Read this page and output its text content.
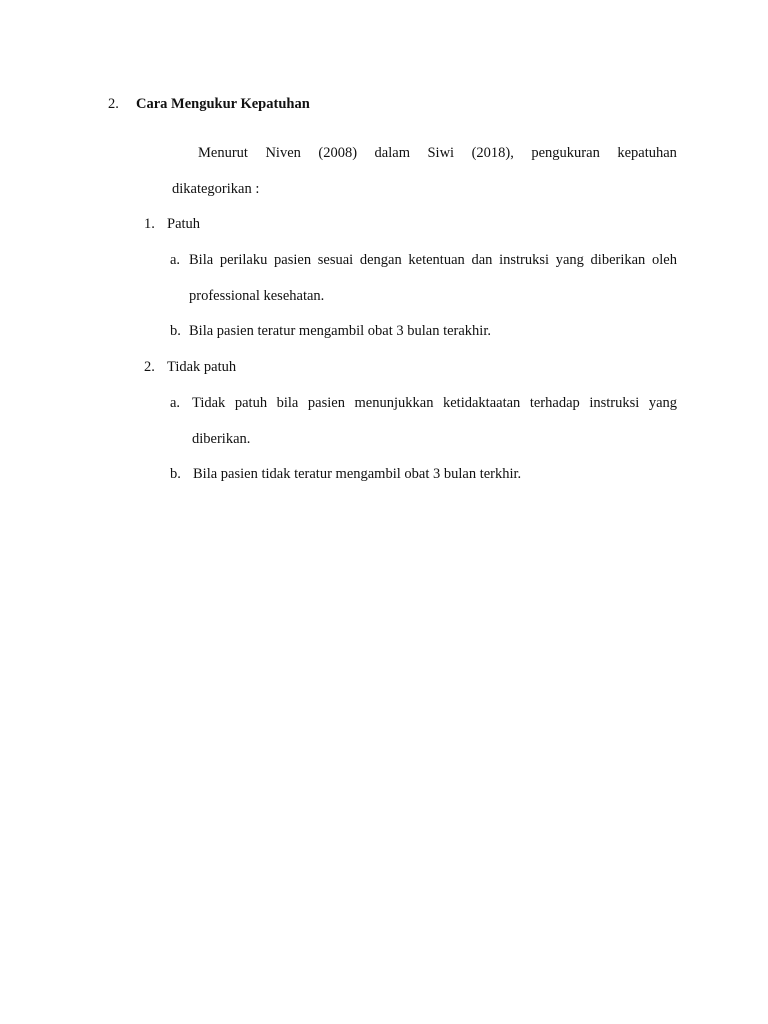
2. Cara Mengukur Kepatuhan
Menurut Niven (2008) dalam Siwi (2018), pengukuran kepatuhan
dikategorikan :
1. Patuh
a. Bila perilaku pasien sesuai dengan ketentuan dan instruksi yang diberikan oleh
professional kesehatan.
b. Bila pasien teratur mengambil obat 3 bulan terakhir.
2. Tidak patuh
a. Tidak patuh bila pasien menunjukkan ketidaktaatan terhadap instruksi yang
diberikan.
b. Bila pasien tidak teratur mengambil obat 3 bulan terkhir.
